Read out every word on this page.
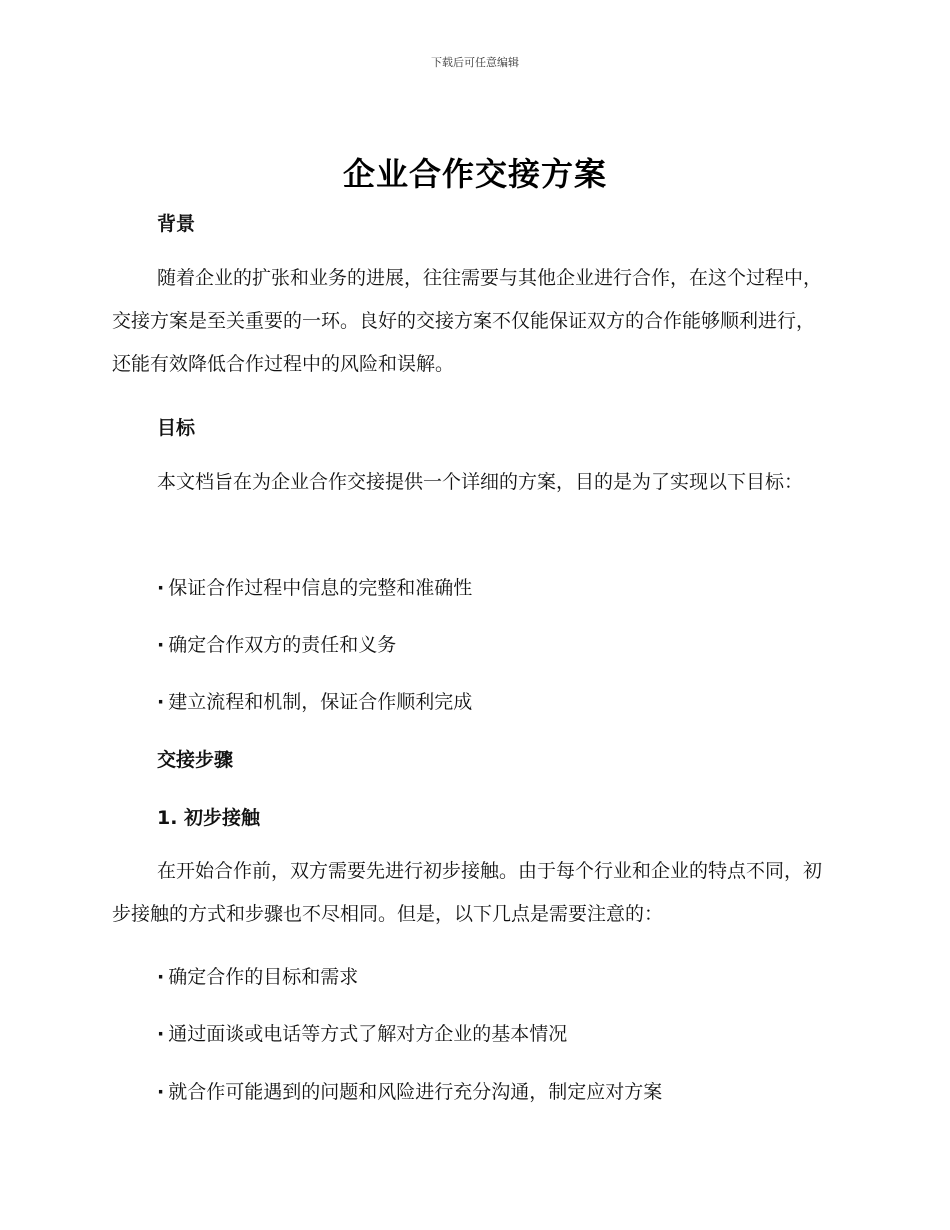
下载后可任意编辑
企业合作交接方案
背景
随着企业的扩张和业务的进展，往往需要与其他企业进行合作，在这个过程中，交接方案是至关重要的一环。良好的交接方案不仅能保证双方的合作能够顺利进行，还能有效降低合作过程中的风险和误解。
目标
本文档旨在为企业合作交接提供一个详细的方案，目的是为了实现以下目标：
· 保证合作过程中信息的完整和准确性
· 确定合作双方的责任和义务
· 建立流程和机制，保证合作顺利完成
交接步骤
1. 初步接触
在开始合作前，双方需要先进行初步接触。由于每个行业和企业的特点不同，初步接触的方式和步骤也不尽相同。但是，以下几点是需要注意的：
· 确定合作的目标和需求
· 通过面谈或电话等方式了解对方企业的基本情况
· 就合作可能遇到的问题和风险进行充分沟通，制定应对方案
